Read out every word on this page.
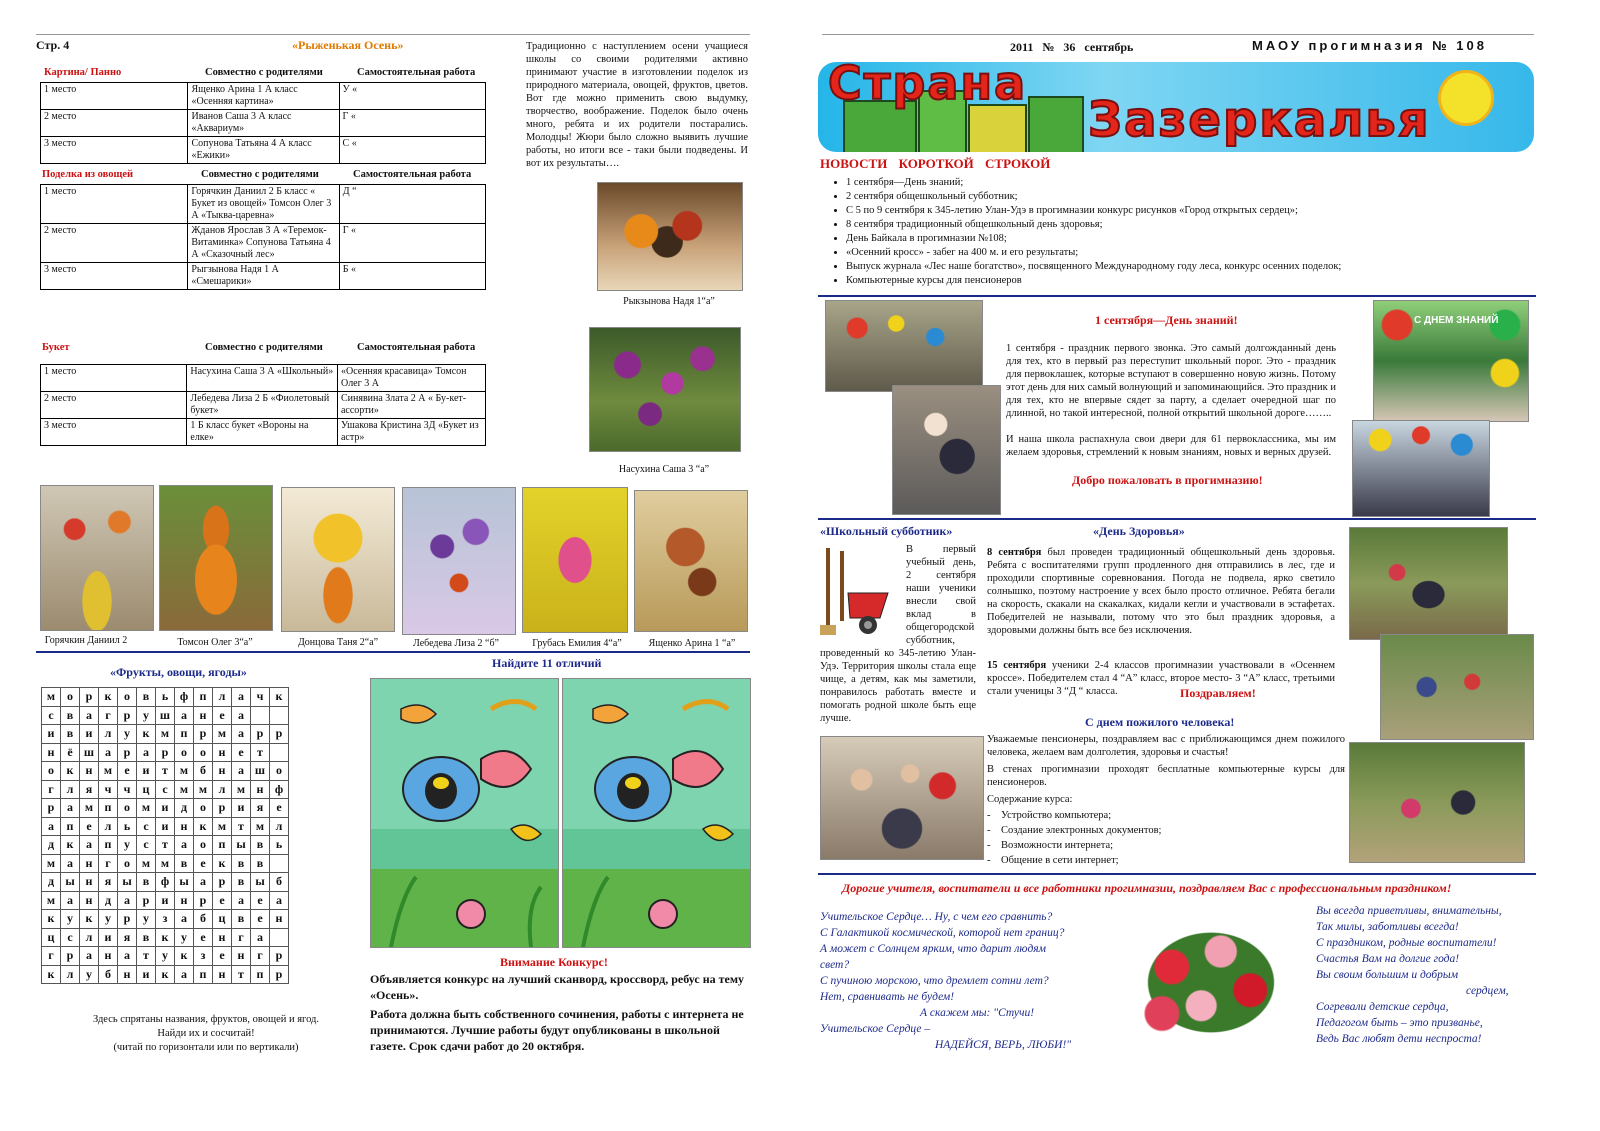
Стр. 4	«Рыженькая Осень»
Картина/ Панно	Совместно с родителями	Самостоятельная работа
1 место	Ященко Арина 1 А класс «Осенняя картина»	У «
2 место	Иванов Саша 3 А класс «Аквариум»	Г «
3 место	Сопунова Татьяна 4 А класс «Ежики»	С «
Поделка из овощей	Совместно с родителями	Самостоятельная работа
1 место	Горячкин Даниил 2 Б класс « Букет из овощей» Томсон Олег 3 А «Тыква-царевна»	Д “
2 место	Жданов Ярослав 3 А «Теремок- Витаминка» Сопунова Татьяна 4 А «Сказочный лес»	Г «
3 место	Рыгзынова Надя 1 А «Смешарики»	Б «
Букет	Совместно с родителями	Самостоятельная работа
1 место	Насухина Саша 3 А «Школьный»	«Осенняя красавица» Томсон Олег 3 А
2 место	Лебедева Лиза 2 Б «Фиолетовый букет»	Синявина Злата 2 А « Бу-кет- ассорти»
3 место	1 Б класс букет «Вороны на елке»	Ушакова Кристина 3Д «Букет из астр»
Традиционно с наступлением осени учащиеся школы со своими родителями активно принимают участие в изготовлении поделок из природного материала, овощей, фруктов, цветов. Вот где можно применить свою выдумку, творчество, воображение. Поделок было очень много, ребята и их родители постарались. Молодцы! Жюри было сложно выявить лучшие работы, но итоги все - таки были подведены. И вот их результаты….
Рыкзынова Надя 1“а”
Насухина Саша 3 “а”
Горячкин Даниил 2	Томсон Олег 3“а”	Донцова Таня 2“а”	Лебедева Лиза 2 “б”	Грубась Емилия 4“а”	Ященко Арина 1 “а”
«Фрукты, овощи, ягоды»
м	о	р	к	о	в	ь	ф	п	л	а	ч	к
с	в	а	г	р	у	ш	а	н	е	а		
и	в	и	л	у	к	м	п	р	м	а	р	р
н	ё	ш	а	р	а	р	о	о	н	е	т	
о	к	н	м	е	и	т	м	б	н	а	ш	о
г	л	я	ч	ч	ц	с	м	м	л	м	н	ф
р	а	м	п	о	м	и	д	о	р	и	я	е
а	п	е	л	ь	с	и	н	к	м	т	м	л
д	к	а	п	у	с	т	а	о	п	ы	в	ь
м	а	н	г	о	м	м	в	е	к	в	в	
д	ы	н	я	ы	в	ф	ы	а	р	в	ы	б
м	а	н	д	а	р	и	н	р	е	а	е	а
к	у	к	у	р	у	з	а	б	ц	в	е	н
ц	с	л	и	я	в	к	у	е	н	г	а	
г	р	а	н	а	т	у	к	з	е	н	г	р
к	л	у	б	н	и	к	а	п	н	т	п	р
Здесь спрятаны названия, фруктов, овощей и ягод.
Найди их и сосчитай!
(читай по горизонтали или по вертикали)
Найдите 11 отличий
Внимание Конкурс!
Объявляется конкурс на лучший сканворд, кроссворд, ребус на тему «Осень».
Работа должна быть собственного сочинения, работы с интернета не принимаются. Лучшие работы будут опубликованы в школьной газете. Срок сдачи работ до 20 октября.
2011 № 36 сентябрь	МАОУ прогимназия № 108
Страна
Зазеркалья
НОВОСТИ КОРОТКОЙ СТРОКОЙ
• 1 сентября—День знаний;
• 2 сентября общешкольный субботник;
• С 5 по 9 сентября к 345-летию Улан-Удэ в прогимназии конкурс рисунков «Город открытых сердец»;
• 8 сентября традиционный общешкольный день здоровья;
• День Байкала в прогимназии №108;
• «Осенний кросс» - забег на 400 м. и его результаты;
• Выпуск журнала «Лес наше богатство», посвященного Международному году леса, конкурс осенних поделок;
• Компьютерные курсы для пенсионеров
С ДНЕМ ЗНАНИЙ
1 сентября—День знаний!
1 сентября - праздник первого звонка. Это самый долгожданный день для тех, кто в первый раз переступит школьный порог. Это - праздник для первоклашек, которые вступают в совершенно новую жизнь. Потому этот день для них самый волнующий и запоминающийся. Это праздник и для тех, кто не впервые сядет за парту, а сделает очередной шаг по длинной, но такой интересной, полной открытий школьной дороге……..
И наша школа распахнула свои двери для 61 первоклассника, мы им желаем здоровья, стремлений к новым знаниям, новых и верных друзей.
Добро пожаловать в прогимназию!
«Школьный субботник»
В первый учебный день, 2 сентября наши ученики внесли свой вклад в общегородской субботник, проведенный ко 345-летию Улан-Удэ. Территория школы стала еще чище, а детям, как мы заметили, понравилось работать вместе и помогать родной школе быть еще лучше.
«День Здоровья»
8 сентября был проведен традиционный общешкольный день здоровья. Ребята с воспитателями групп продленного дня отправились в лес, где и проходили спортивные соревнования. Погода не подвела, ярко светило солнышко, поэтому настроение у всех было просто отличное. Ребята бегали на скорость, скакали на скакалках, кидали кегли и участвовали в эстафетах. Победителей не называли, потому что это был праздник здоровья, а здоровыми должны быть все без исключения.
15 сентября ученики 2-4 классов прогимназии участвовали в «Осеннем кроссе». Победителем стал 4 “А” класс, второе место- 3 “А” класс, третьими стали ученицы 3 “Д “ класса.	Поздравляем!
С днем пожилого человека!
Уважаемые пенсионеры, поздравляем вас с приближающимся днем пожилого человека, желаем вам долголетия, здоровья и счастья!
В стенах прогимназии проходят бесплатные компьютерные курсы для пенсионеров.
Содержание курса:
-    Устройство компьютера;
-    Создание электронных документов;
-    Возможности интернета;
-    Общение в сети интернет;
Дорогие учителя, воспитатели и все работники прогимназии, поздравляем Вас с профессиональным праздником!
Учительское Сердце… Ну, с чем его сравнить?
С Галактикой космической, которой нет границ?
А может с Солнцем ярким, что дарит людям
свет?
С пучиною морскою, что дремлет сотни лет?
Нет, сравнивать не будем!
А скажем мы: "Стучи!
Учительское Сердце –
НАДЕЙСЯ, ВЕРЬ, ЛЮБИ!"
Вы всегда приветливы, внимательны,
Так милы, заботливы всегда!
С праздником, родные воспитатели!
Счастья Вам на долгие года!
Вы своим большим и добрым
сердцем,
Согревали детские сердца,
Педагогом быть – это призванье,
Ведь Вас любят дети неспроста!
